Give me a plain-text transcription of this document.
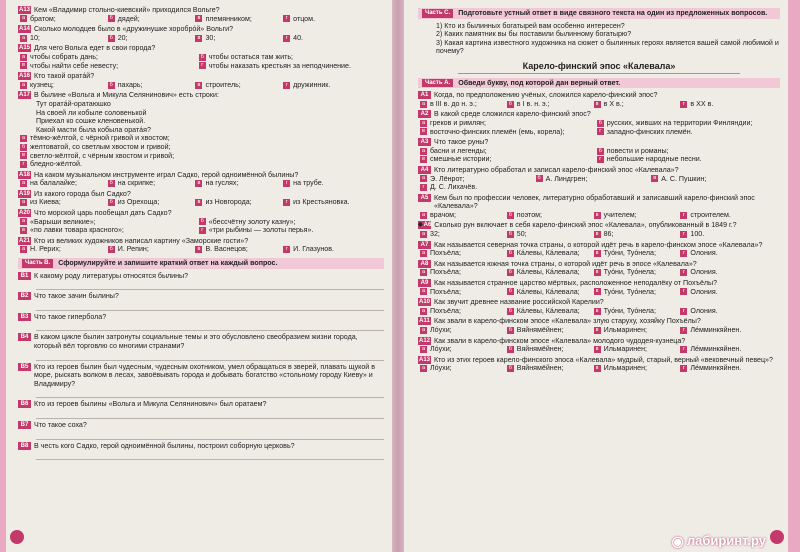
А13 Кем «Владимир стольно-киевский» приходился Вольге?
а братом;	б дядей;	в племянником;	г отцом.
А14 Сколько молодцев было в «дружинушке хоробрóй» Вольги?
а 10;	б 20;	в 30;	г 40.
А15 Для чего Вольга едет в свои города?
а чтобы собрать дань;	б чтобы остаться там жить;
в чтобы найти себе невесту;	г чтобы наказать крестьян за неподчинение.
А16 Кто такой оратáй?
а кузнец;	б пахарь;	в строитель;	г дружинник.
А17 В былине «Вольга и Микула Селянинович» есть строки:
Тут оратáй-оратаюшко
На своей ли кобыле соловенькой
Приехал ко сошке кленовенькой.
Какой масти была кобыла оратáя?
а тёмно-жёлтой, с чёрной гривой и хвостом;
б желтоватой, со светлым хвостом и гривой;
в светло-жёлтой, с чёрным хвостом и гривой;
г бледно-жёлтой.
А18 На каком музыкальном инструменте играл Садко, герой одноимённой былины?
а на балалайке;	б на скрипке;	в на гуслях;	г на трубе.
А19 Из какого города был Садко?
а из Киева;	б из Орехоща;	в из Новгорода;	г из Крестьяновка.
А20 Что морской царь пообещал дать Садко?
а «Барыши великие»;	б «бессчётну золоту казну»;
в «по лавки товара красного»;	г «три рыбины — золоты перья».
А21 Кто из великих художников написал картину «Заморские гости»?
а Н. Рерих;	б И. Репин;	в В. Васнецов;	г И. Глазунов.
Часть В.	Сформулируйте и запишите краткий ответ на каждый вопрос.
В1 К какому роду литературы относятся былины?
В2 Что такое зачин былины?
В3 Что такое гипербола?
В4 В каком цикле былин затронуты социальные темы и это обусловлено свеобразием жизни города, который вёл торговлю со многими странами?
В5 Кто из героев былин был чудесным, чудесным охотником, умел обращаться в зверей, плавать щукой в море, рыскать волком в лесах, завоёвывать города и добывать богатство «стольному городу Киеву» и Владимиру?
В6 Кто из героев былины «Вольга и Микула Селянинович» был оратаем?
В7 Что такое соха?
В8 В честь кого Садко, герой одноимённой былины, построил соборную церковь?
Часть С.	Подготовьте устный ответ в виде связного текста на один из предложенных вопросов.
1) Кто из былинных богатырей вам особенно интересен?
2) Каких памятник вы бы поставили былинному богатырю?
3) Какая картина известного художника на сюжет о былинных героях является вашей самой любимой и почему?
Карело-финский эпос «Калевала»
Часть А.	Обведи букву, под которой дан верный ответ.
А1 Когда, по предположению учёных, сложился карело-финский эпос?
а в III в. до н. э.;	б в I в. н. э.;	в в X в.;	г в XX в.
А2 В какой среде сложился карело-финский эпос?
а греков и римлян;	б русских, живших на территории Финляндии;
в восточно-финских племён (емь, корела);	г западно-финских племён.
А3 Что такое руны?
а басни и легенды;	б повести и романы;
в смешные истории;	г небольшие народные песни.
А4 Кто литературно обработал и записал карело-финский эпос «Калевала»?
а Э. Лёнрот;	б А. Линдгрен;	в А. С. Пушкин;
г Д. С. Лихачёв.
А5 Кем был по профессии человек, литературно обработавший и записавший карело-финский эпос «Калевала»?
а врачом;	б поэтом;	в учителем;	г строителем.
◆ А6 Сколько рун включает в себя карело-финский эпос «Калевала», опубликованный в 1849 г.?
а 32;	б 50;	в 86;	г 100.
А7 Как называется северная точка страны, о которой идёт речь в карело-финском эпосе «Калевала»?
а Похъёла;	б Кáлевы, Кáлевала;	в Туóни, Туóнела;	г Олония.
А8 Как называется южная точка страны, о которой идёт речь в эпосе «Калевала»?
а Похъёла;	б Кáлевы, Кáлевала;	в Туóни, Туóнела;	г Олония.
А9 Как называется странное царство мёртвых, расположенное неподалёку от Похъёлы?
а Похъёла;	б Кáлевы, Кáлевала;	в Туóни, Туóнела;	г Олония.
А10 Как звучит древнее название российской Карелии?
а Похъёла;	б Кáлевы, Кáлевала;	в Туóни, Туóнела;	г Олония.
А11 Как звали в карело-финском эпосе «Калевала» злую старуху, хозяйку Похъёлы?
а Лóухи;	б Вяйнямёйнен;	в Ильмаринен;	г Лéмминкяйнен.
А12 Как звали в карело-финском эпосе «Калевала» молодого чудодея-кузнеца?
а Лóухи;	б Вяйнямёйнен;	в Ильмаринен;	г Лéмминкяйнен.
А13 Кто из этих героев карело-финского эпоса «Калевала» мудрый, старый, верный «вековечный певец»?
а Лóухи;	б Вяйнямёйнен;	в Ильмаринен;	г Лéмминкяйнен.
◉ лабиринт.ру
